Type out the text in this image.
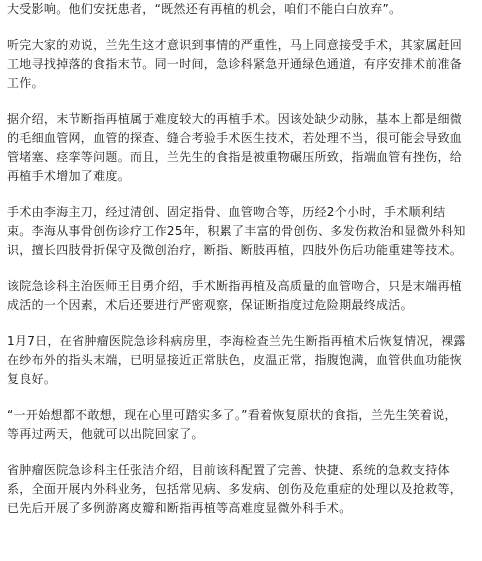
大受影响。他们安抚患者，“既然还有再植的机会，咱们不能白白放弃”。

听完大家的劝说，兰先生这才意识到事情的严重性，马上同意接受手术，其家属赶回
工地寻找掉落的食指末节。同一时间，急诊科紧急开通绿色通道，有序安排术前准备
工作。

据介绍，末节断指再植属于难度较大的再植手术。因该处缺少动脉，基本上都是细微
的毛细血管网，血管的探查、缝合考验手术医生技术，若处理不当，很可能会导致血
管堵塞、痉挛等问题。而且，兰先生的食指是被重物碾压所致，指端血管有挫伤，给
再植手术增加了难度。

手术由李海主刀，经过清创、固定指骨、血管吻合等，历经2个小时，手术顺利结
束。李海从事骨创伤诊疗工作25年，积累了丰富的骨创伤、多发伤救治和显微外科知
识，擅长四肢骨折保守及微创治疗，断指、断肢再植，四肢外伤后功能重建等技术。

该院急诊科主治医师王目勇介绍，手术断指再植及高质量的血管吻合，只是末端再植
成活的一个因素，术后还要进行严密观察，保证断指度过危险期最终成活。

1月7日，在省肿瘤医院急诊科病房里，李海检查兰先生断指再植术后恢复情况，裸露
在纱布外的指头末端，已明显接近正常肤色，皮温正常，指腹饱满，血管供血功能恢
复良好。

“一开始想都不敢想，现在心里可踏实多了。”看着恢复原状的食指，兰先生笑着说，
等再过两天，他就可以出院回家了。

省肿瘤医院急诊科主任张洁介绍，目前该科配置了完善、快捷、系统的急救支持体
系，全面开展内外科业务，包括常见病、多发病、创伤及危重症的处理以及抢救等，
已先后开展了多例游离皮瓣和断指再植等高难度显微外科手术。
